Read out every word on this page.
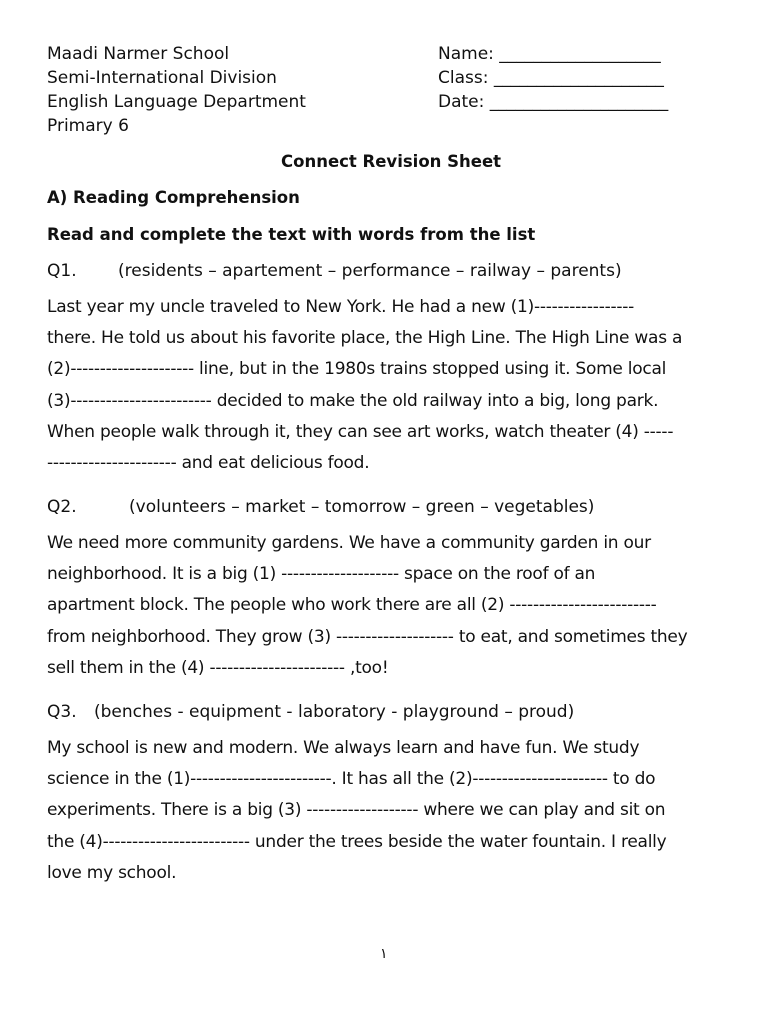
Maadi Narmer School
Semi-International Division
English Language Department
Primary 6
Name: ___________________
Class: ____________________
Date: _____________________
Connect Revision Sheet
A) Reading Comprehension
Read and complete the text with words from the list
Q1. (residents – apartement – performance – railway – parents)
Last year my uncle traveled to New York. He had a new (1)-----------------
there. He told us about his favorite place, the High Line. The High Line was a
(2)--------------------- line, but in the 1980s trains stopped using it. Some local
(3)------------------------ decided to make the old railway into a big, long park.
When people walk through it, they can see art works, watch theater (4) -----
---------------------- and eat delicious food.
Q2.	(volunteers – market – tomorrow – green – vegetables)
We need more community gardens. We have a community garden in our
neighborhood. It is a big (1) -------------------- space on the roof of an
apartment block. The people who work there are all (2) -------------------------
from neighborhood. They grow (3) -------------------- to eat, and sometimes they
sell them in the (4) ----------------------- ,too!
Q3. (benches - equipment - laboratory - playground – proud)
My school is new and modern. We always learn and have fun. We study
science in the (1)------------------------. It has all the (2)----------------------- to do
experiments. There is a big (3) ------------------- where we can play and sit on
the (4)------------------------- under the trees beside the water fountain. I really
love my school.
١
